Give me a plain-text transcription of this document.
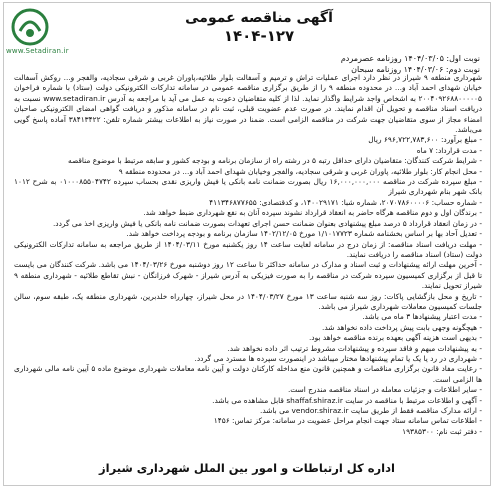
www.Setadiran.ir
آگهی مناقصه عمومی
۱۴۰۴-۱۲۷
نوبت اول: ۱۴۰۴/۰۳/۰۵ روزنامه عصرمردم
نوبت دوم: ۱۴۰۴/۰۳/۰۶ روزنامه سبحان

شهرداری منطقه ۹ شیراز در نظر دارد اجرای عملیات تراش و ترمیم و آسفالت بلوار طلائیه،پاوران غربی و شرقی سجادیه، والفجر و... روکش آسفالت خیابان شهدای احمد آباد و... در محدوده منطقه ۹ را از طریق برگزاری مناقصه عمومی در سامانه تدارکات الکترونیکی دولت (ستاد) با شماره فراخوان ۲۰۰۴۰۹۲۶۸۸۰۰۰۰۰۵ به اشخاص واجد شرایط واگذار نماید. لذا از کلیه متقاضیان دعوت به عمل می آید با مراجعه به آدرس www.setadiran.ir نسبت به دریافت اسناد مناقصه و تحویل آن اقدام نمایند. در صورت عدم عضویت قبلی، ثبت نام در سامانه مذکور و دریافت گواهی امضای الکترونیکی صاحبان امضاء مجاز از سوی متقاضیان جهت شرکت در مناقصه الزامی است. ضمنا در صورت نیاز به اطلاعات بیشتر شماره تلفن: ۳۸۴۱۳۴۲۲ آماده پاسخ گویی می‌باشد.

- مبلغ برآورد: ۶۹۶,۷۲۲,۷۸۳,۶۰۰ ریال
- مدت قرارداد: ۷ ماه
- شرایط شرکت کنندگان: متقاضیان دارای حداقل رتبه ۵ در رشته راه از سازمان برنامه و بودجه کشور و سابقه مرتبط با موضوع مناقصه
- محل انجام کار: بلوار طلائیه، پاوران غربی و شرقی سجادیه، والفجر وخیابان شهدای احمد آباد و... در محدوده منطقه ۹
- مبلغ سپرده شرکت در مناقصه ۱۶,۰۰۰,۰۰۰,۰۰۰ ریال بصورت ضمانت نامه بانکی یا فیش واریزی نقدی بحساب سپرده ۰۱۰۰۰۸۵۵۰۴۷۴۲ به شرح ۱۰۱۲ بانک شهر بنام شهرداری شیراز
- شماره حساب: ۲۰۷۰۷۸۶۰۰۰۰۶، شماره شبا: ۱۴۰۰۲۹۱۷۱، و کدقتصادی: ۴۱۱۳۴۶۸۷۷۶۵۵
- برندگان اول و دوم مناقصه هرگاه حاضر به انعقاد قرارداد نشوند سپرده آنان به نفع شهرداری ضبط خواهد شد.
- در زمان انعقاد قرارداد ۵ درصد مبلغ پیشنهادی بعنوان ضمانت حسن اجرای تعهدات بصورت ضمانت نامه بانکی یا فیش واریزی اخذ می گردد.
- تعدیل آحاد بها بر اساس بخشنامه شماره ۱/۱۰۱۷۷۲۳ مورخ ۱۴۰۲/۱۲/۰۵ سازمان برنامه و بودجه پرداخت خواهد شد.
- مهلت دریافت اسناد مناقصه: از زمان درج در سامانه لغایت ساعت ۱۴ روز یکشنبه مورخ ۱۴۰۴/۰۳/۱۱ از طریق مراجعه به سامانه تدارکات الکترونیکی دولت (ستاد) اسناد مناقصه را دریافت نمایند.
- آخرین مهلت ارائه پیشنهادات و ثبت اسناد و مدارک در سامانه حداکثر تا ساعت ۱۲ روز دوشنبه مورخ ۱۴۰۴/۰۳/۲۶ می باشد. شرکت کنندگان می بایست تا قبل از برگزاری کمیسیون سپرده شرکت در مناقصه را به صورت فیزیکی به آدرس شیراز - شهرک فرزانگان - نبش تقاطع طلائیه - شهرداری منطقه ۹ شیراز تحویل نمایند.
- تاریخ و محل بازگشایی پاکات: روز سه شنبه ساعت ۱۳ مورخ ۱۴۰۴/۰۳/۲۷ در محل شیراز، چهارراه خلدبرین، شهرداری منطقه یک، طبقه سوم، سالن جلسات کمیسیون معاملات شهرداری شیراز می باشد.
- مدت اعتبار پیشنهادها ۳ ماه می باشد.
- هیچگونه وجهی بابت پیش پرداخت داده نخواهد شد.
- بدیهی است هزینه آگهی بعهده برنده مناقصه خواهد بود.
- به پیشنهادات مبهم و فاقد سپرده و پیشنهادات مشروط ترتیب اثر داده نخواهد شد.
- شهرداری در رد یا یک یا تمام پیشنهادها مختار میباشد در اینصورت سپرده ها مسترد می گردد.
- رعایت مفاد قانون برگزاری مناقصات و همچنین قانون منع مداخله کارکنان دولت و آیین نامه معاملات شهرداری موضوع ماده ۵ آیین نامه مالی شهرداری ها الزامی است.
- سایر اطلاعات و جزئیات معامله در اسناد مناقصه مندرج است.
- آگهی و اطلاعات مرتبط با مناقصه در سایت shaffaf.shiraz.ir قابل مشاهده می باشد.
- ارائه مدارک مناقصه فقط از طریق سایت vendor.shiraz.ir می باشد.
- اطلاعات تماس سامانه ستاد جهت انجام مراحل عضویت در سامانه: مرکز تماس: ۱۴۵۶
- دفتر ثبت نام: ۱۹۳۸۵۳۰۰
اداره کل ارتباطات و امور بین الملل شهرداری شیراز
